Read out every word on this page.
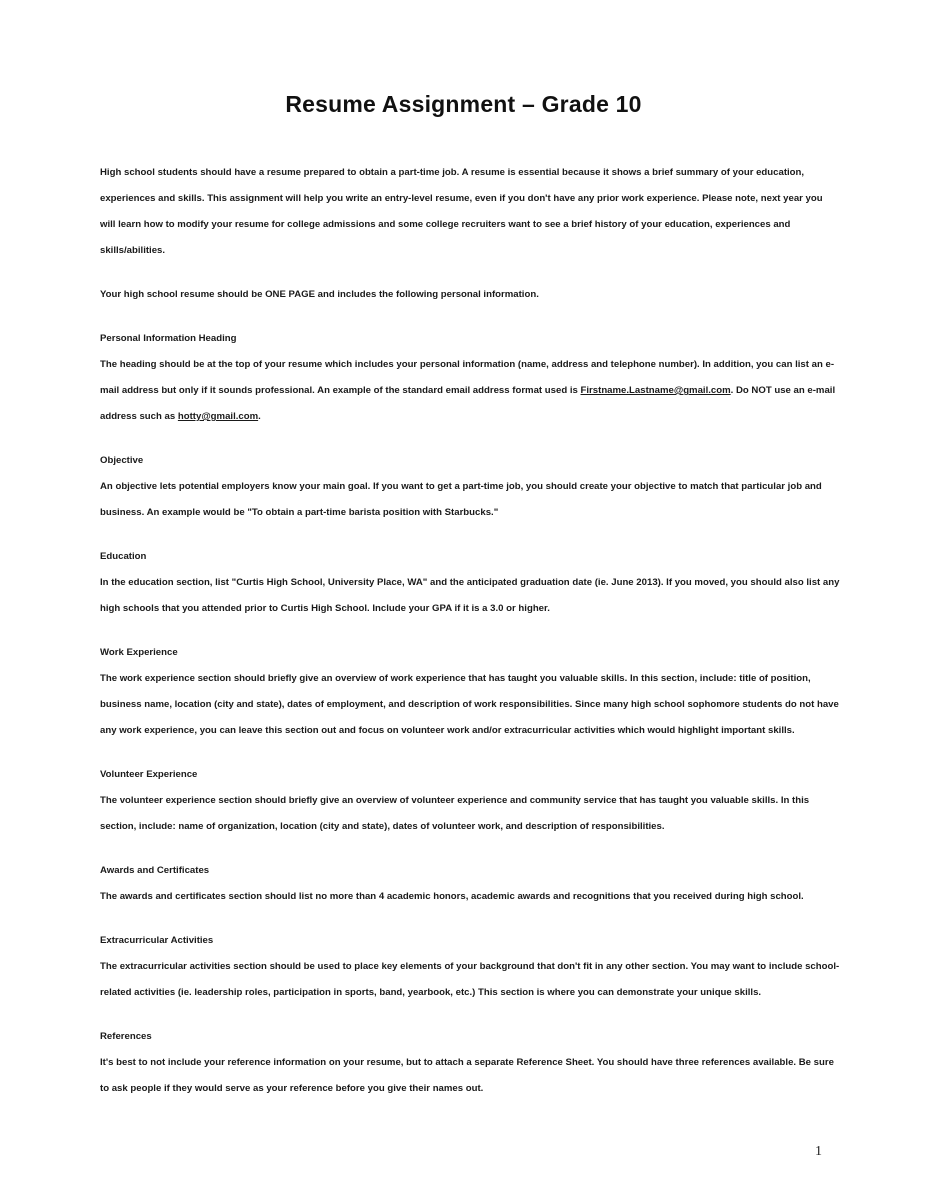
Resume Assignment – Grade 10

High school students should have a resume prepared to obtain a part-time job. A resume is essential because it shows a brief summary of your education, experiences and skills. This assignment will help you write an entry-level resume, even if you don't have any prior work experience. Please note, next year you will learn how to modify your resume for college admissions and some college recruiters want to see a brief history of your education, experiences and skills/abilities.

Your high school resume should be ONE PAGE and includes the following personal information.

Personal Information Heading

The heading should be at the top of your resume which includes your personal information (name, address and telephone number). In addition, you can list an e-mail address but only if it sounds professional. An example of the standard email address format used is Firstname.Lastname@gmail.com. Do NOT use an e-mail address such as hotty@gmail.com.

Objective

An objective lets potential employers know your main goal. If you want to get a part-time job, you should create your objective to match that particular job and business. An example would be "To obtain a part-time barista position with Starbucks."

Education

In the education section, list "Curtis High School, University Place, WA" and the anticipated graduation date (ie. June 2013). If you moved, you should also list any high schools that you attended prior to Curtis High School. Include your GPA if it is a 3.0 or higher.

Work Experience

The work experience section should briefly give an overview of work experience that has taught you valuable skills. In this section, include: title of position, business name, location (city and state), dates of employment, and description of work responsibilities. Since many high school sophomore students do not have any work experience, you can leave this section out and focus on volunteer work and/or extracurricular activities which would highlight important skills.

Volunteer Experience

The volunteer experience section should briefly give an overview of volunteer experience and community service that has taught you valuable skills. In this section, include: name of organization, location (city and state), dates of volunteer work, and description of responsibilities.

Awards and Certificates

The awards and certificates section should list no more than 4 academic honors, academic awards and recognitions that you received during high school.

Extracurricular Activities

The extracurricular activities section should be used to place key elements of your background that don't fit in any other section. You may want to include school-related activities (ie. leadership roles, participation in sports, band, yearbook, etc.) This section is where you can demonstrate your unique skills.

References

It's best to not include your reference information on your resume, but to attach a separate Reference Sheet. You should have three references available. Be sure to ask people if they would serve as your reference before you give their names out.

1
